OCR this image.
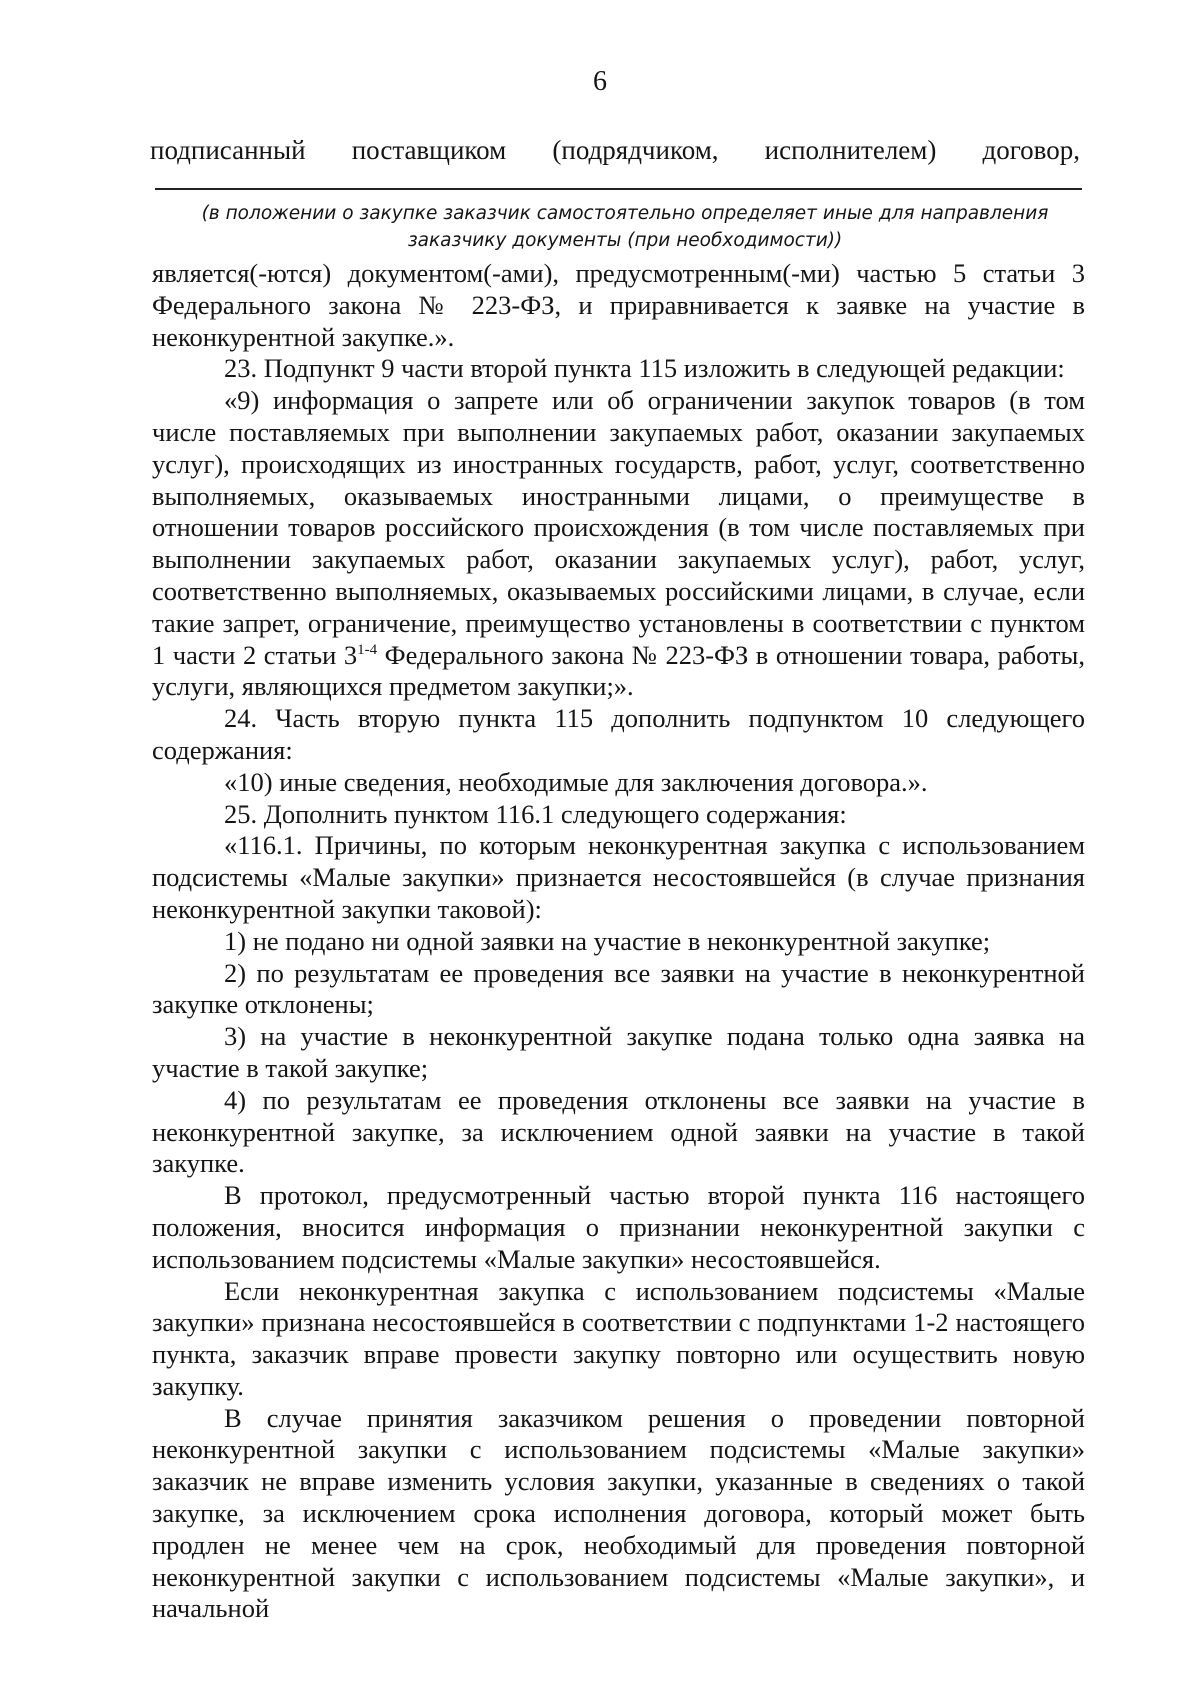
6
подписанный поставщиком (подрядчиком, исполнителем) договор,
(в положении о закупке заказчик самостоятельно определяет иные для направления
заказчику документы (при необходимости))

является(-ются) документом(-ами), предусмотренным(-ми) частью 5 статьи 3 Федерального закона № 223-ФЗ, и приравнивается к заявке на участие в неконкурентной закупке.».

23. Подпункт 9 части второй пункта 115 изложить в следующей редакции:

«9) информация о запрете или об ограничении закупок товаров (в том числе поставляемых при выполнении закупаемых работ, оказании закупаемых услуг), происходящих из иностранных государств, работ, услуг, соответственно выполняемых, оказываемых иностранными лицами, о преимуществе в отношении товаров российского происхождения (в том числе поставляемых при выполнении закупаемых работ, оказании закупаемых услуг), работ, услуг, соответственно выполняемых, оказываемых российскими лицами, в случае, если такие запрет, ограничение, преимущество установлены в соответствии с пунктом 1 части 2 статьи 3$^{1-4}$ Федерального закона № 223-ФЗ в отношении товара, работы, услуги, являющихся предметом закупки;».

24. Часть вторую пункта 115 дополнить подпунктом 10 следующего содержания:

«10) иные сведения, необходимые для заключения договора.».

25. Дополнить пунктом 116.1 следующего содержания:

«116.1. Причины, по которым неконкурентная закупка с использованием подсистемы «Малые закупки» признается несостоявшейся (в случае признания неконкурентной закупки таковой):

1) не подано ни одной заявки на участие в неконкурентной закупке;

2) по результатам ее проведения все заявки на участие в неконкурентной закупке отклонены;

3) на участие в неконкурентной закупке подана только одна заявка на участие в такой закупке;

4) по результатам ее проведения отклонены все заявки на участие в неконкурентной закупке, за исключением одной заявки на участие в такой закупке.

В протокол, предусмотренный частью второй пункта 116 настоящего положения, вносится информация о признании неконкурентной закупки с использованием подсистемы «Малые закупки» несостоявшейся.

Если неконкурентная закупка с использованием подсистемы «Малые закупки» признана несостоявшейся в соответствии с подпунктами 1-2 настоящего пункта, заказчик вправе провести закупку повторно или осуществить новую закупку.

В случае принятия заказчиком решения о проведении повторной неконкурентной закупки с использованием подсистемы «Малые закупки» заказчик не вправе изменить условия закупки, указанные в сведениях о такой закупке, за исключением срока исполнения договора, который может быть продлен не менее чем на срок, необходимый для проведения повторной неконкурентной закупки с использованием подсистемы «Малые закупки», и начальной
